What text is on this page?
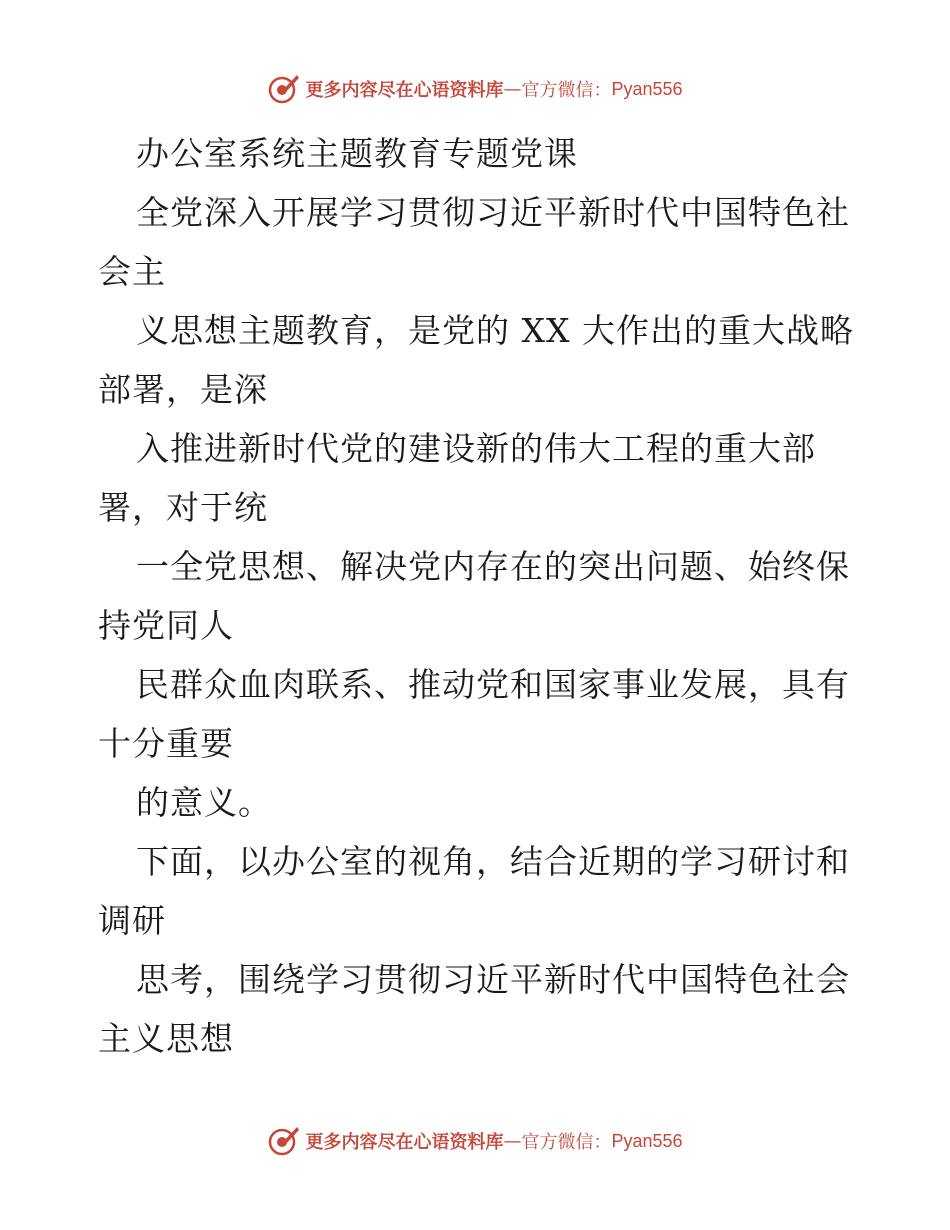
更多内容尽在心语资料库 — 官方微信： Pyan556
办公室系统主题教育专题党课
全党深入开展学习贯彻习近平新时代中国特色社
会主
义思想主题教育，是党的 XX 大作出的重大战略
部署，是深
入推进新时代党的建设新的伟大工程的重大部
署，对于统
一全党思想、解决党内存在的突出问题、始终保
持党同人
民群众血肉联系、推动党和国家事业发展，具有
十分重要
的意义。
下面，以办公室的视角，结合近期的学习研讨和
调研
思考，围绕学习贯彻习近平新时代中国特色社会
主义思想
更多内容尽在心语资料库 — 官方微信： Pyan556
